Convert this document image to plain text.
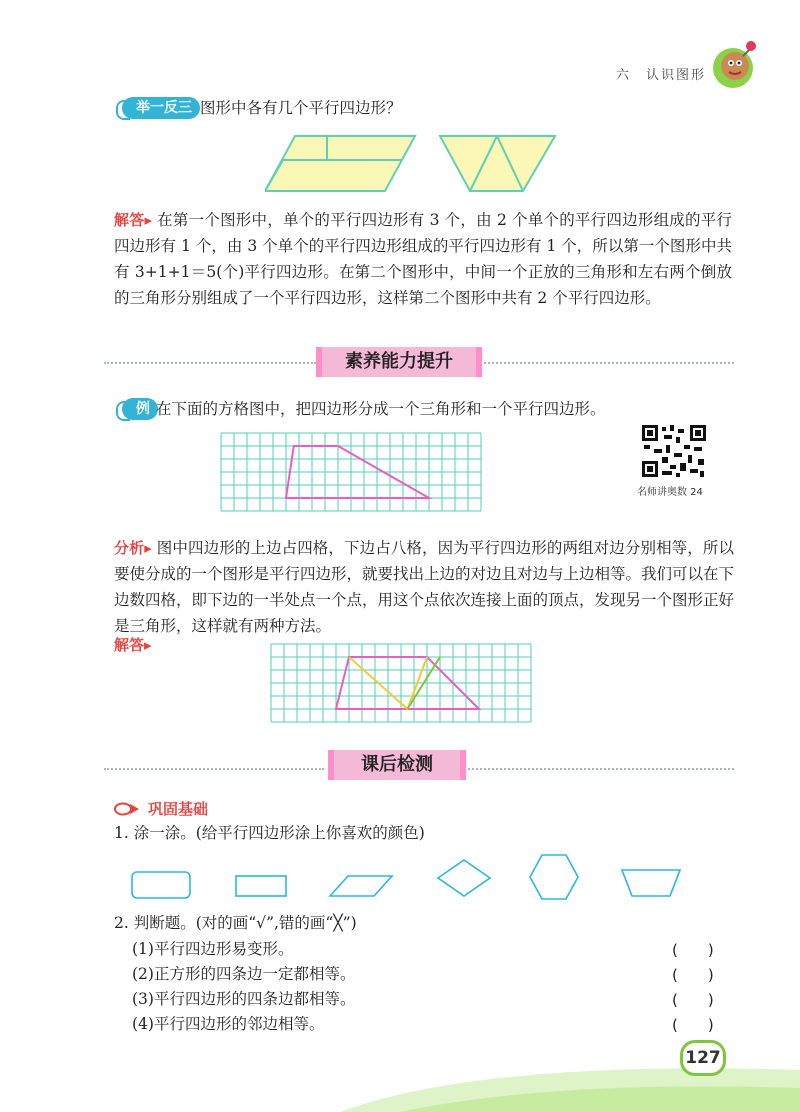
六　认识图形
举一反三 图形中各有几个平行四边形？
解答▸ 在第一个图形中，单个的平行四边形有 3 个，由 2 个单个的平行四边形组成的平行四边形有 1 个，由 3 个单个的平行四边形组成的平行四边形有 1 个，所以第一个图形中共有 3+1+1＝5(个)平行四边形。在第二个图形中，中间一个正放的三角形和左右两个倒放的三角形分别组成了一个平行四边形，这样第二个图形中共有 2 个平行四边形。
素养能力提升
例 在下面的方格图中，把四边形分成一个三角形和一个平行四边形。
名师讲奥数 24
分析▸ 图中四边形的上边占四格，下边占八格，因为平行四边形的两组对边分别相等，所以要使分成的一个图形是平行四边形，就要找出上边的对边且对边与上边相等。我们可以在下边数四格，即下边的一半处点一个点，用这个点依次连接上面的顶点，发现另一个图形正好是三角形，这样就有两种方法。
解答▸
课后检测
巩固基础
1. 涂一涂。(给平行四边形涂上你喜欢的颜色)
2. 判断题。(对的画“√”,错的画“╳”)
(1)平行四边形易变形。	(　　)
(2)正方形的四条边一定都相等。	(　　)
(3)平行四边形的四条边都相等。	(　　)
(4)平行四边形的邻边相等。	(　　)
127
